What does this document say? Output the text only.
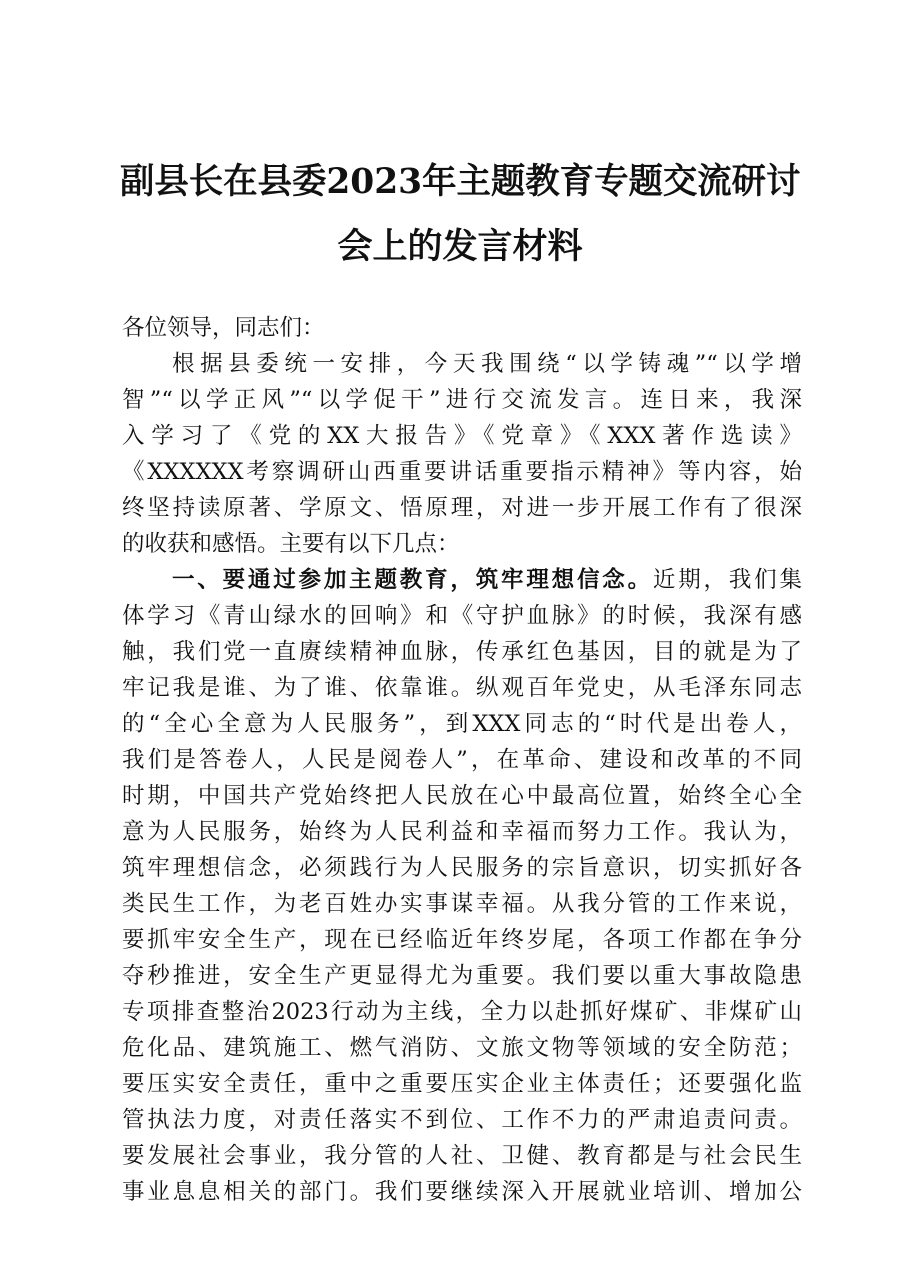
副县长在县委2023年主题教育专题交流研讨
会上的发言材料
各位领导，同志们：
根据县委统一安排，今天我围绕“以学铸魂”“以学增
智”“以学正风”“以学促干”进行交流发言。连日来，我深
入学习了《党的XX大报告》《党章》《XXX著作选读》
《XXXXXX考察调研山西重要讲话重要指示精神》等内容，始
终坚持读原著、学原文、悟原理，对进一步开展工作有了很深
的收获和感悟。主要有以下几点：
一、要通过参加主题教育，筑牢理想信念。近期，我们集
体学习《青山绿水的回响》和《守护血脉》的时候，我深有感
触，我们党一直赓续精神血脉，传承红色基因，目的就是为了
牢记我是谁、为了谁、依靠谁。纵观百年党史，从毛泽东同志
的“全心全意为人民服务”，到XXX同志的“时代是出卷人，
我们是答卷人，人民是阅卷人”，在革命、建设和改革的不同
时期，中国共产党始终把人民放在心中最高位置，始终全心全
意为人民服务，始终为人民利益和幸福而努力工作。我认为，
筑牢理想信念，必须践行为人民服务的宗旨意识，切实抓好各
类民生工作，为老百姓办实事谋幸福。从我分管的工作来说，
要抓牢安全生产，现在已经临近年终岁尾，各项工作都在争分
夺秒推进，安全生产更显得尤为重要。我们要以重大事故隐患
专项排查整治2023行动为主线，全力以赴抓好煤矿、非煤矿山
危化品、建筑施工、燃气消防、文旅文物等领域的安全防范；
要压实安全责任，重中之重要压实企业主体责任；还要强化监
管执法力度，对责任落实不到位、工作不力的严肃追责问责。
要发展社会事业，我分管的人社、卫健、教育都是与社会民生
事业息息相关的部门。我们要继续深入开展就业培训、增加公
